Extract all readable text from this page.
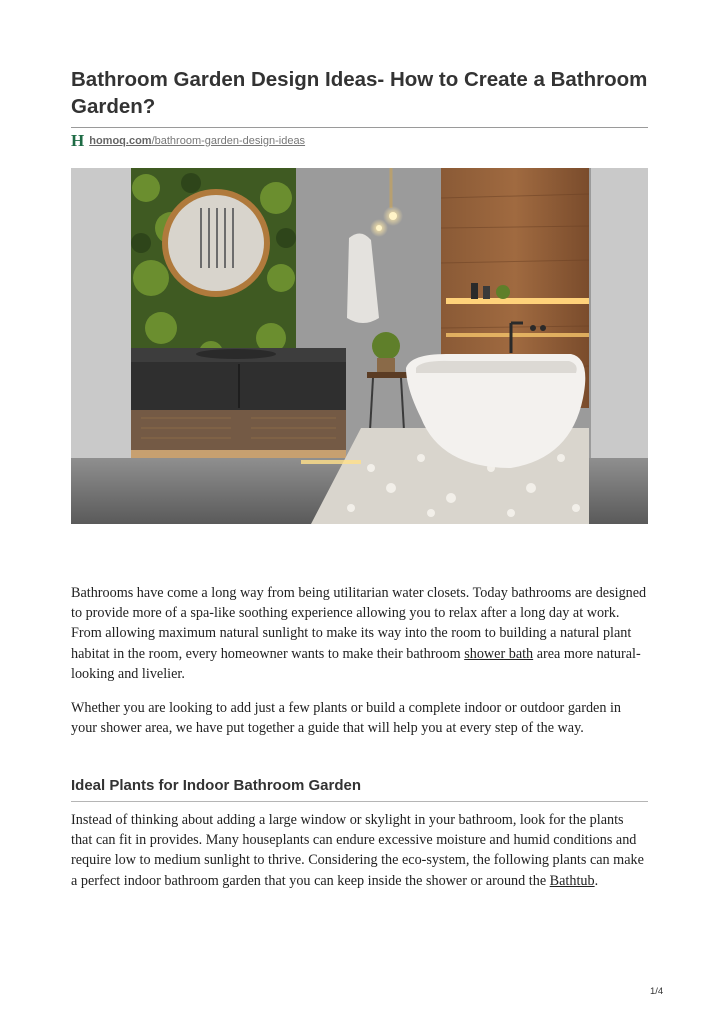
Bathroom Garden Design Ideas- How to Create a Bathroom Garden?
H homoq.com /bathroom-garden-design-ideas

Bathrooms have come a long way from being utilitarian water closets. Today bathrooms are designed to provide more of a spa-like soothing experience allowing you to relax after a long day at work. From allowing maximum natural sunlight to make its way into the room to building a natural plant habitat in the room, every homeowner wants to make their bathroom shower bath area more natural-looking and livelier.

Whether you are looking to add just a few plants or build a complete indoor or outdoor garden in your shower area, we have put together a guide that will help you at every step of the way.

Ideal Plants for Indoor Bathroom Garden

Instead of thinking about adding a large window or skylight in your bathroom, look for the plants that can fit in provides. Many houseplants can endure excessive moisture and humid conditions and require low to medium sunlight to thrive. Considering the eco-system, the following plants can make a perfect indoor bathroom garden that you can keep inside the shower or around the Bathtub.

1/4
